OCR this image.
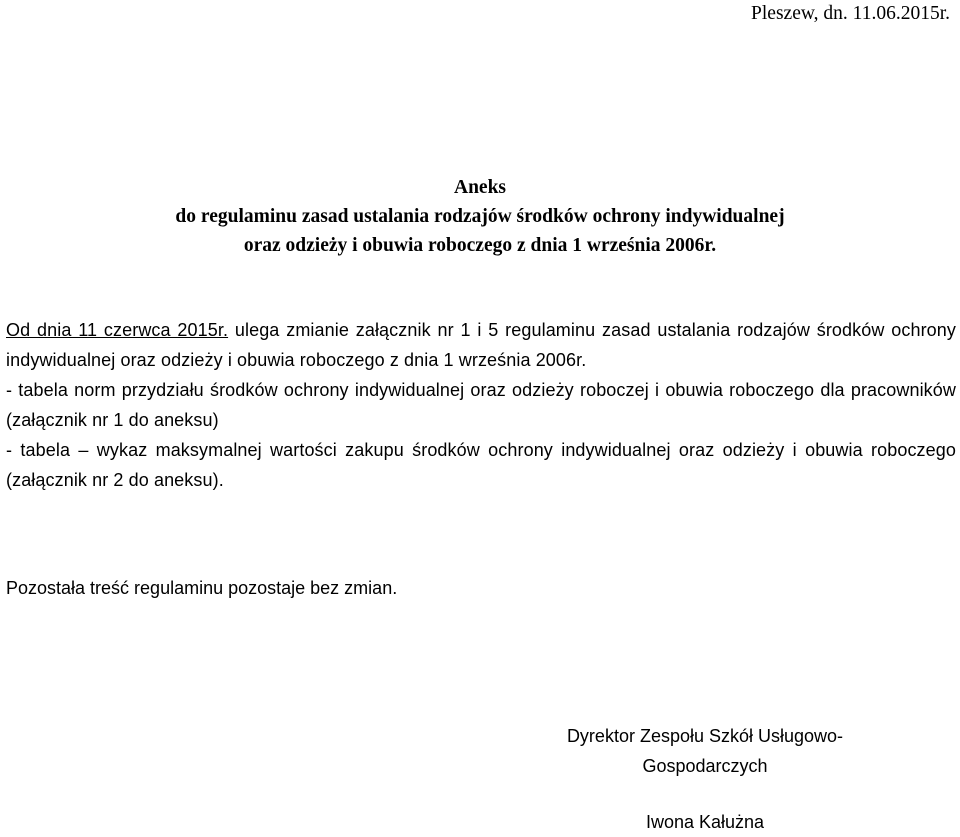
Pleszew, dn. 11.06.2015r.
Aneks
do regulaminu zasad ustalania rodzajów środków ochrony indywidualnej
oraz odzieży i obuwia roboczego z dnia 1 września 2006r.

Od dnia 11 czerwca 2015r. ulega zmianie załącznik nr 1 i 5 regulaminu zasad ustalania rodzajów środków ochrony indywidualnej oraz odzieży i obuwia roboczego z dnia 1 września 2006r.

- tabela norm przydziału środków ochrony indywidualnej oraz odzieży roboczej i obuwia roboczego dla pracowników (załącznik nr 1 do aneksu)

- tabela – wykaz maksymalnej wartości zakupu środków ochrony indywidualnej oraz odzieży i obuwia roboczego (załącznik nr 2 do aneksu).

Pozostała treść regulaminu pozostaje bez zmian.
Dyrektor Zespołu Szkół Usługowo-
Gospodarczych
Iwona Kałużna
